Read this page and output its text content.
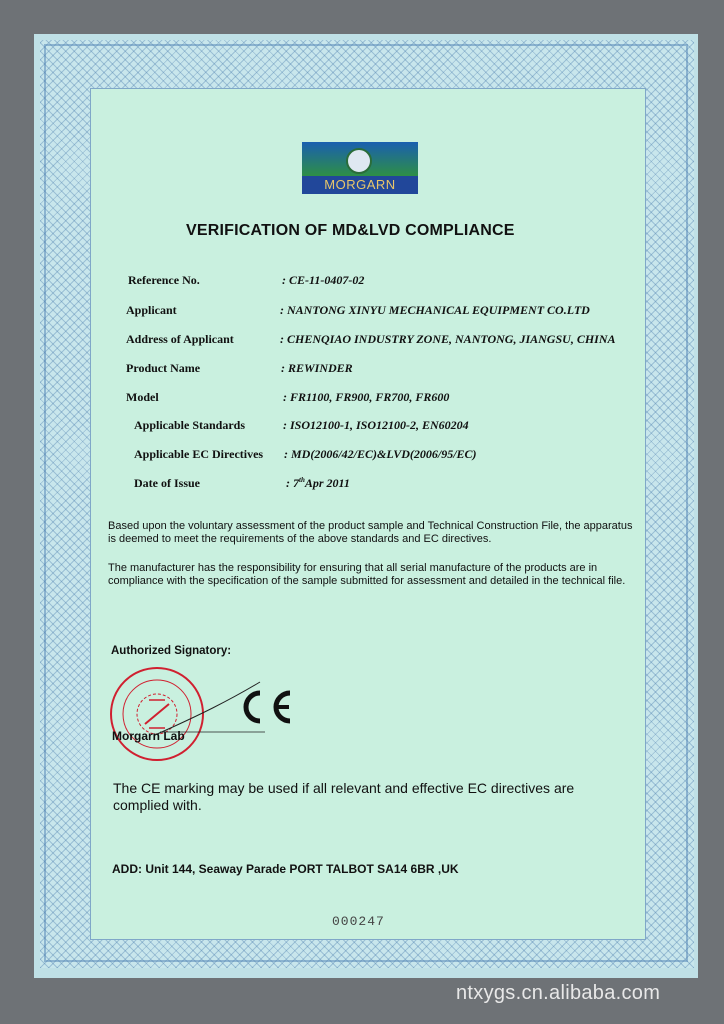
MORGARN
VERIFICATION OF MD&LVD COMPLIANCE
Reference No.	: CE-11-0407-02
Applicant	: NANTONG XINYU MECHANICAL EQUIPMENT CO.LTD
Address of Applicant	: CHENQIAO INDUSTRY ZONE, NANTONG, JIANGSU, CHINA
Product Name	: REWINDER
Model	: FR1100, FR900, FR700, FR600
Applicable Standards	: ISO12100-1, ISO12100-2, EN60204
Applicable EC Directives : MD(2006/42/EC)&LVD(2006/95/EC)
Date of Issue	: 7thApr 2011
Based upon the voluntary assessment of the product sample and Technical Construction File, the apparatus is deemed to meet the requirements of the above standards and EC directives.
The manufacturer has the responsibility for ensuring that all serial manufacture of the products are in compliance with the specification of the sample submitted for assessment and detailed in the technical file.
Authorized Signatory:
Morgarn Lab
The CE marking may be used if all relevant and effective EC directives are complied with.
ADD: Unit 144, Seaway Parade PORT TALBOT SA14 6BR ,UK
000247
ntxygs.cn.alibaba.com
